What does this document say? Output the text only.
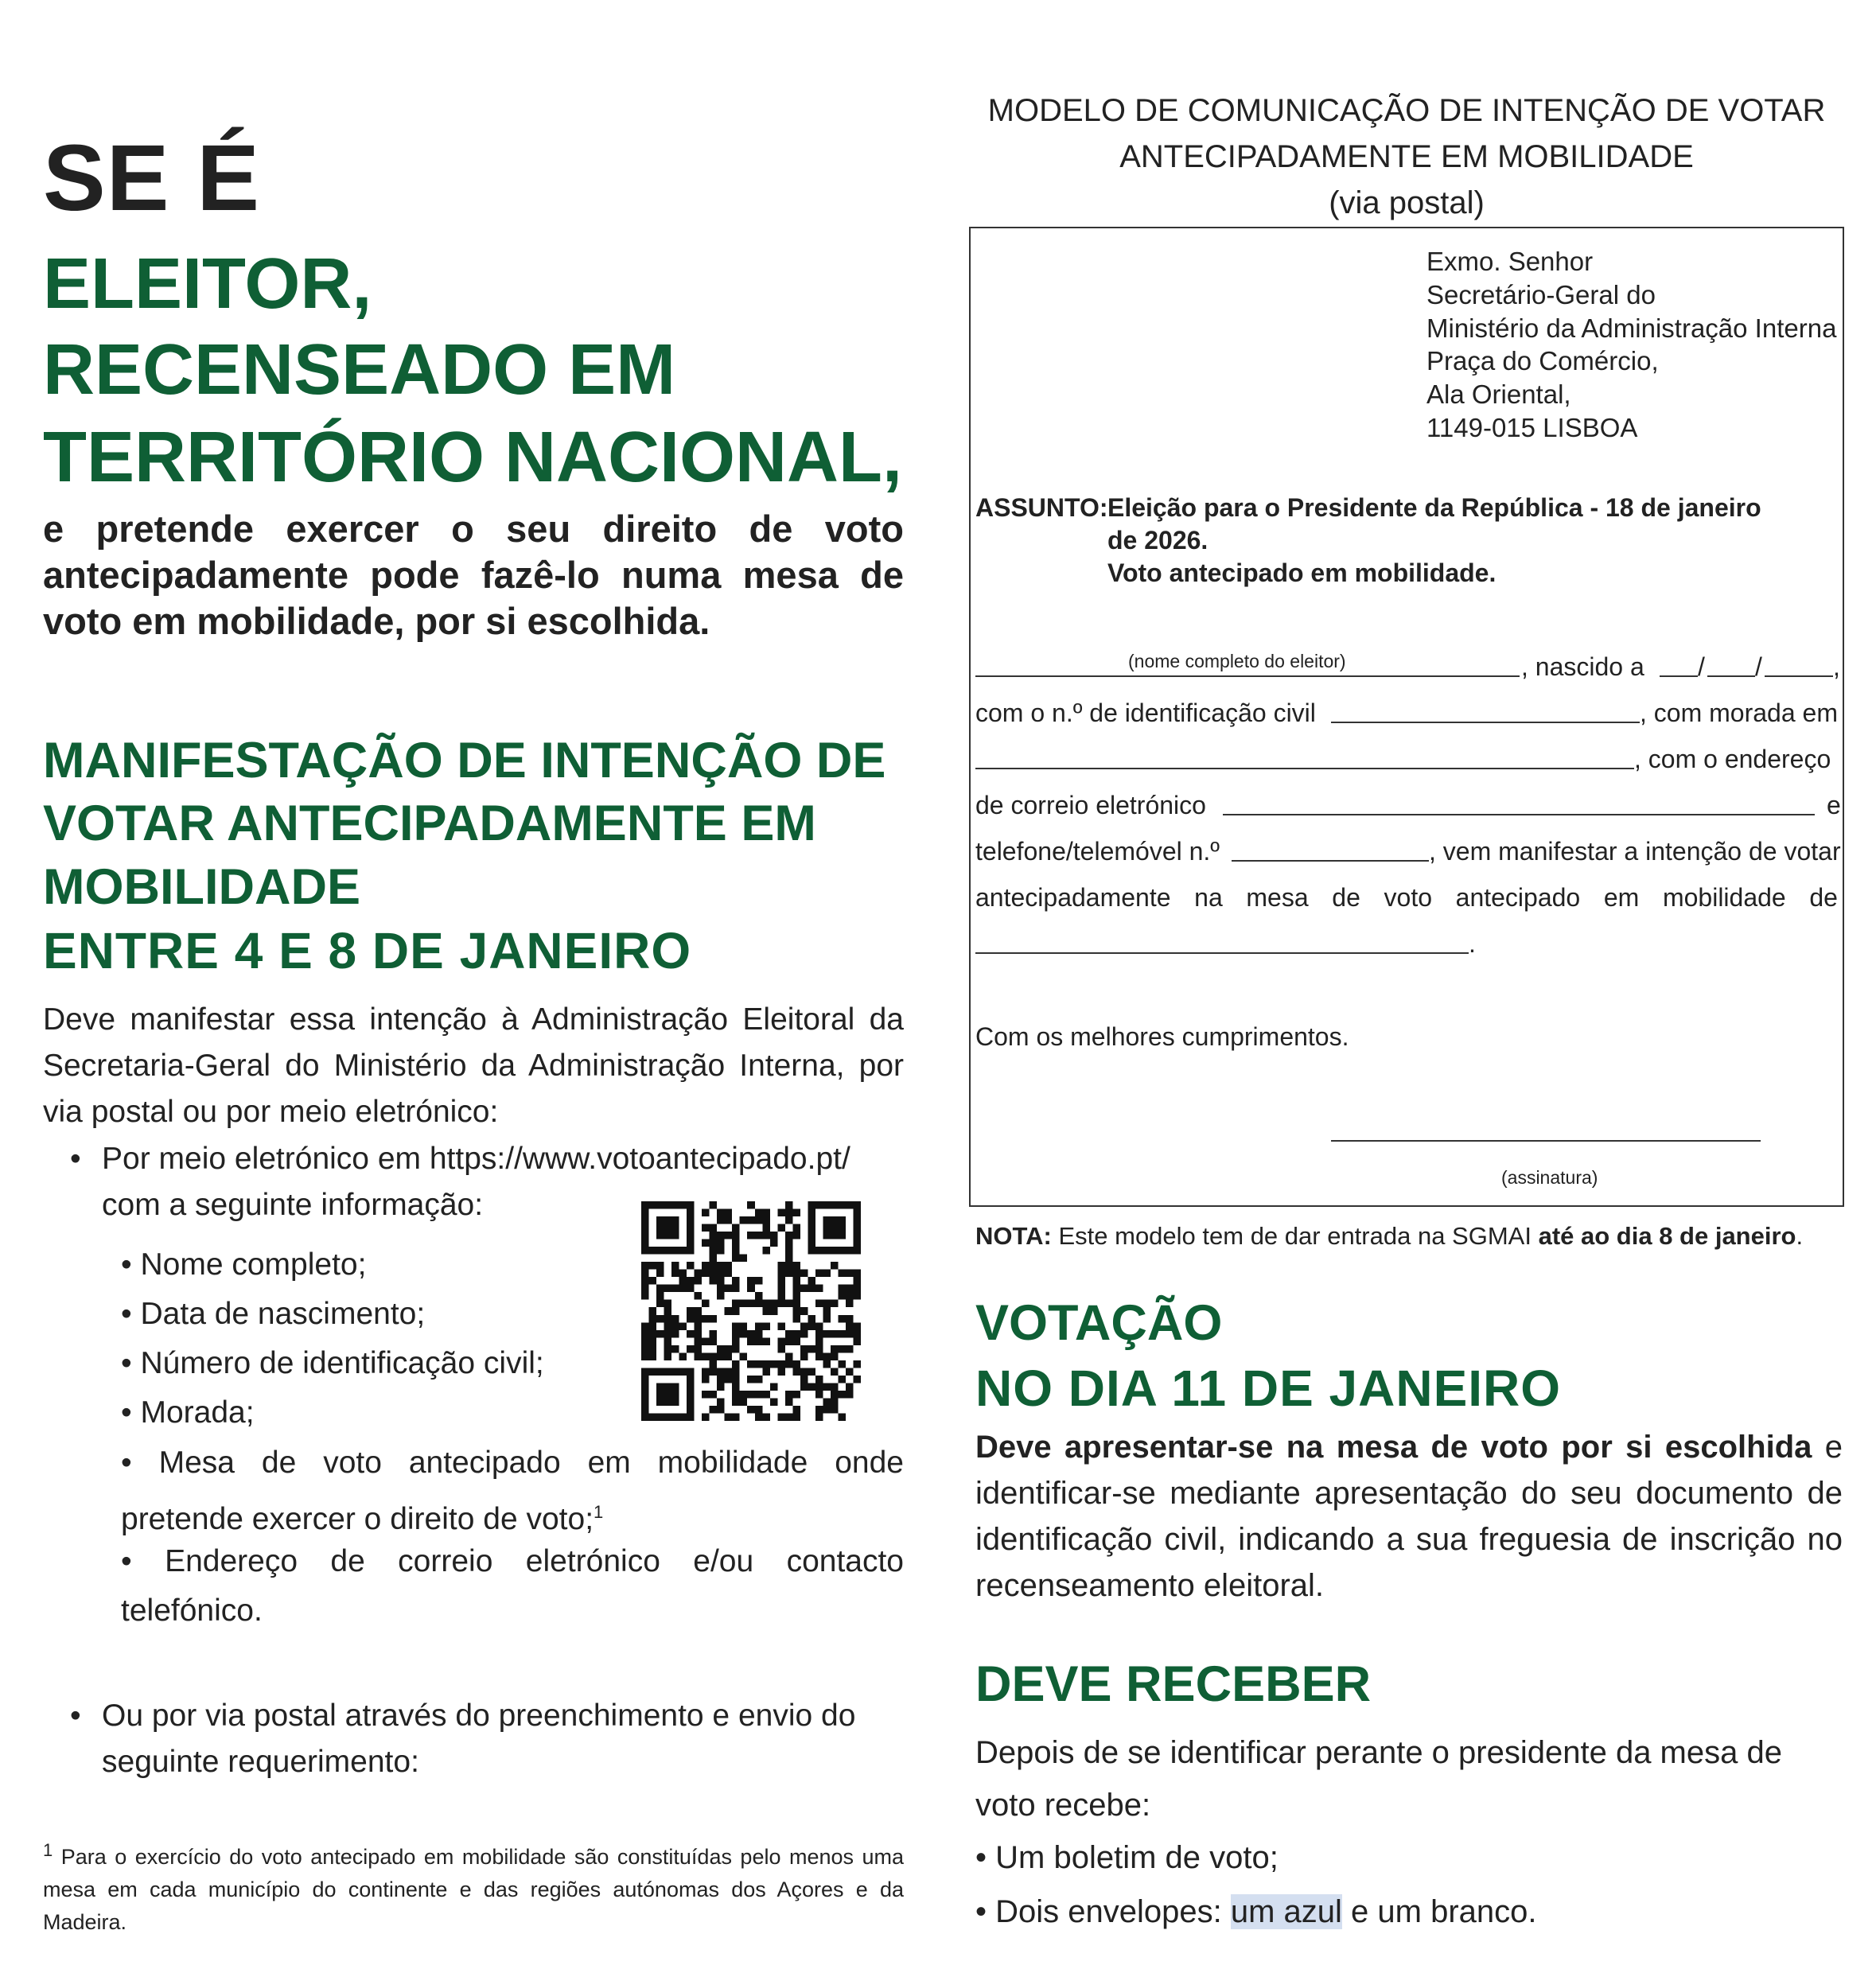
SE É
ELEITOR,
RECENSEADO EM
TERRITÓRIO NACIONAL,
e pretende exercer o seu direito de voto antecipadamente pode fazê-lo numa mesa de voto em mobilidade, por si escolhida.
MANIFESTAÇÃO DE INTENÇÃO DE
VOTAR ANTECIPADAMENTE EM
MOBILIDADE
ENTRE 4 E 8 DE JANEIRO
Deve manifestar essa intenção à Administração Eleitoral da Secretaria-Geral do Ministério da Administração Interna, por via postal ou por meio eletrónico:
• Por meio eletrónico em https://www.votoantecipado.pt/
com a seguinte informação:
• Nome completo;
• Data de nascimento;
• Número de identificação civil;
• Morada;
• Mesa de voto antecipado em mobilidade onde pretende exercer o direito de voto;$^1$
• Endereço de correio eletrónico e/ou contacto telefónico.
• Ou por via postal através do preenchimento e envio do seguinte requerimento:
$^1$ Para o exercício do voto antecipado em mobilidade são constituídas pelo menos uma mesa em cada município do continente e das regiões autónomas dos Açores e da Madeira.
MODELO DE COMUNICAÇÃO DE INTENÇÃO DE VOTAR
ANTECIPADAMENTE EM MOBILIDADE
(via postal)
Exmo. Senhor
Secretário-Geral do
Ministério da Administração Interna
Praça do Comércio,
Ala Oriental,
1149-015 LISBOA
ASSUNTO: Eleição para o Presidente da República - 18 de janeiro
de 2026.
Voto antecipado em mobilidade.
(nome completo do eleitor)	, nascido a / /	,
com o n.º de identificação civil	, com morada em
, com o endereço
de correio eletrónico	e
telefone/telemóvel n.º	, vem manifestar a intenção de votar
antecipadamente na mesa de voto antecipado em mobilidade de
.
Com os melhores cumprimentos.
(assinatura)
NOTA: Este modelo tem de dar entrada na SGMAI até ao dia 8 de janeiro.
VOTAÇÃO
NO DIA 11 DE JANEIRO
Deve apresentar-se na mesa de voto por si escolhida e identificar-se mediante apresentação do seu documento de identificação civil, indicando a sua freguesia de inscrição no recenseamento eleitoral.
DEVE RECEBER
Depois de se identificar perante o presidente da mesa de voto recebe:
• Um boletim de voto;
• Dois envelopes: um azul e um branco.
